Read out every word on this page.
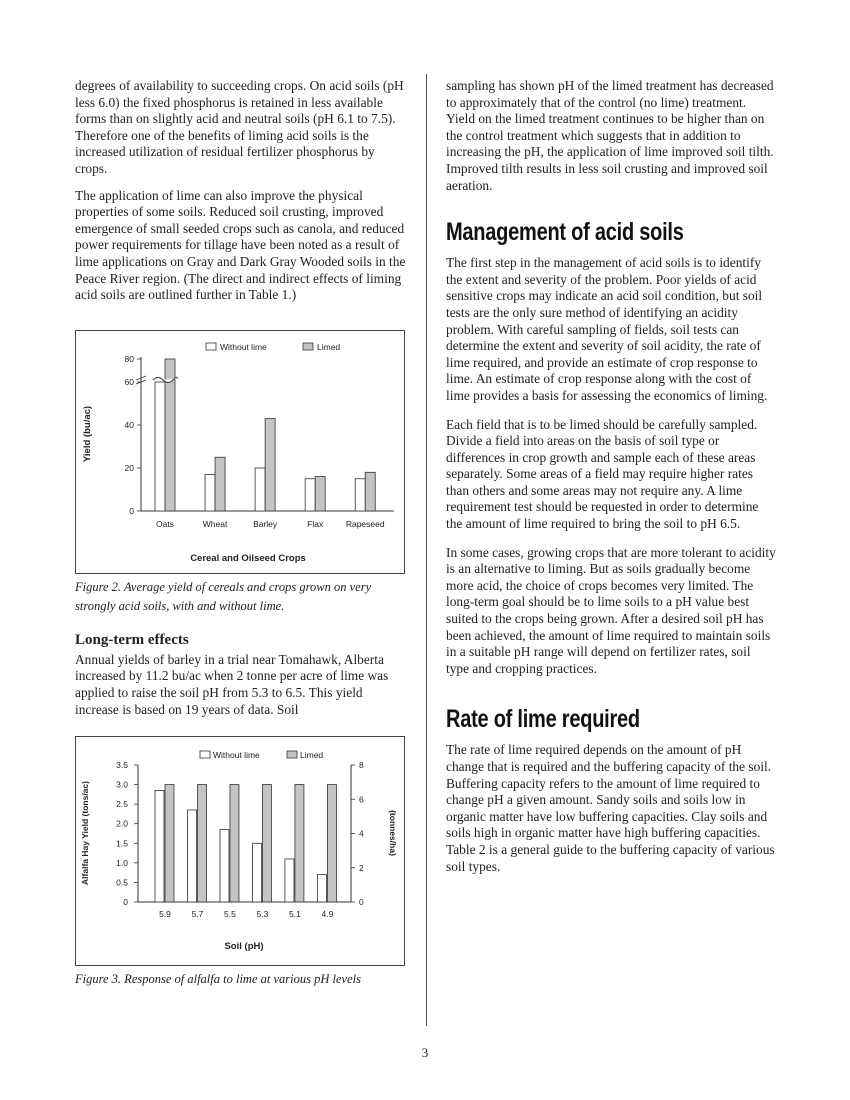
degrees of availability to succeeding crops. On acid soils (pH less 6.0) the fixed phosphorus is retained in less available forms than on slightly acid and neutral soils (pH 6.1 to 7.5). Therefore one of the benefits of liming acid soils is the increased utilization of residual fertilizer phosphorus by crops.

The application of lime can also improve the physical properties of some soils. Reduced soil crusting, improved emergence of small seeded crops such as canola, and reduced power requirements for tillage have been noted as a result of lime applications on Gray and Dark Gray Wooded soils in the Peace River region. (The direct and indirect effects of liming acid soils are outlined further in Table 1.)

Without lime	Limed
0
20
40
60
80
Yield (bu/ac)
Oats	Wheat	Barley	Flax	Rapeseed
Cereal and Oilseed Crops
Figure 2. Average yield of cereals and crops grown on very strongly acid soils, with and without lime.
Long-term effects

Annual yields of barley in a trial near Tomahawk, Alberta increased by 11.2 bu/ac when 2 tonne per acre of lime was applied to raise the soil pH from 5.3 to 6.5. This yield increase is based on 19 years of data. Soil

Without lime	Limed
0
0.5
1.0
1.5
2.0
2.5
3.0
3.5
0
2
4
6
8
Alfalfa Hay Yield (tons/ac)	(tonnes/ha)
5.9 5.7 5.5 5.3 5.1 4.9
Soil (pH)
Figure 3. Response of alfalfa to lime at various pH levels

sampling has shown pH of the limed treatment has decreased to approximately that of the control (no lime) treatment. Yield on the limed treatment continues to be higher than on the control treatment which suggests that in addition to increasing the pH, the application of lime improved soil tilth. Improved tilth results in less soil crusting and improved soil aeration.

Management of acid soils

The first step in the management of acid soils is to identify the extent and severity of the problem. Poor yields of acid sensitive crops may indicate an acid soil condition, but soil tests are the only sure method of identifying an acidity problem. With careful sampling of fields, soil tests can determine the extent and severity of soil acidity, the rate of lime required, and provide an estimate of crop response to lime. An estimate of crop response along with the cost of lime provides a basis for assessing the economics of liming.

Each field that is to be limed should be carefully sampled. Divide a field into areas on the basis of soil type or differences in crop growth and sample each of these areas separately. Some areas of a field may require higher rates than others and some areas may not require any. A lime requirement test should be requested in order to determine the amount of lime required to bring the soil to pH 6.5.

In some cases, growing crops that are more tolerant to acidity is an alternative to liming. But as soils gradually become more acid, the choice of crops becomes very limited. The long-term goal should be to lime soils to a pH value best suited to the crops being grown. After a desired soil pH has been achieved, the amount of lime required to maintain soils in a suitable pH range will depend on fertilizer rates, soil type and cropping practices.

Rate of lime required

The rate of lime required depends on the amount of pH change that is required and the buffering capacity of the soil. Buffering capacity refers to the amount of lime required to change pH a given amount. Sandy soils and soils low in organic matter have low buffering capacities. Clay soils and soils high in organic matter have high buffering capacities. Table 2 is a general guide to the buffering capacity of various soil types.

3
